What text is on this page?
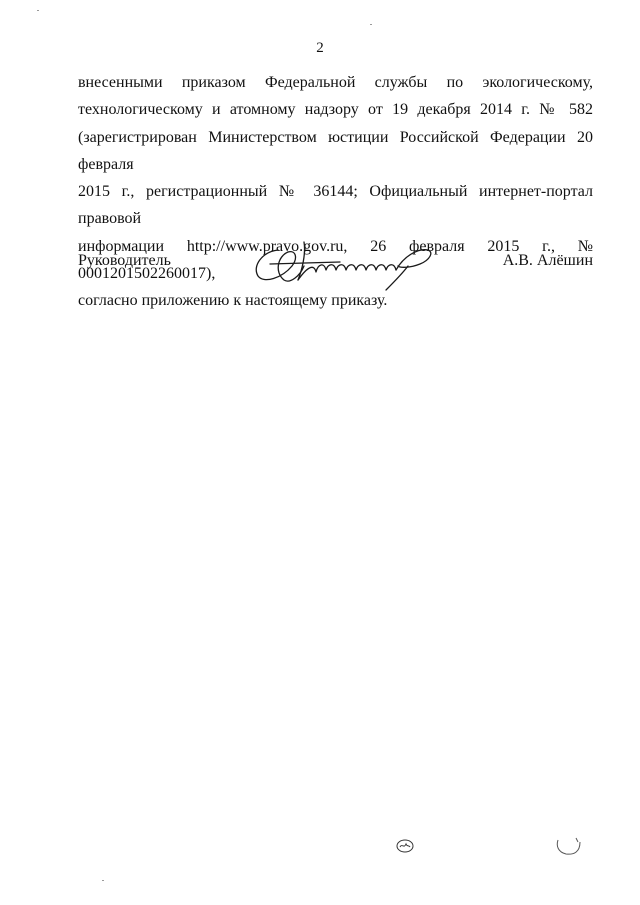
2
внесенными приказом Федеральной службы по экологическому,
технологическому и атомному надзору от 19 декабря 2014 г. № 582
(зарегистрирован Министерством юстиции Российской Федерации 20 февраля
2015 г., регистрационный № 36144; Официальный интернет-портал правовой
информации http://www.pravo.gov.ru, 26 февраля 2015 г., № 0001201502260017),
согласно приложению к настоящему приказу.
Руководитель	А.В. Алёшин
